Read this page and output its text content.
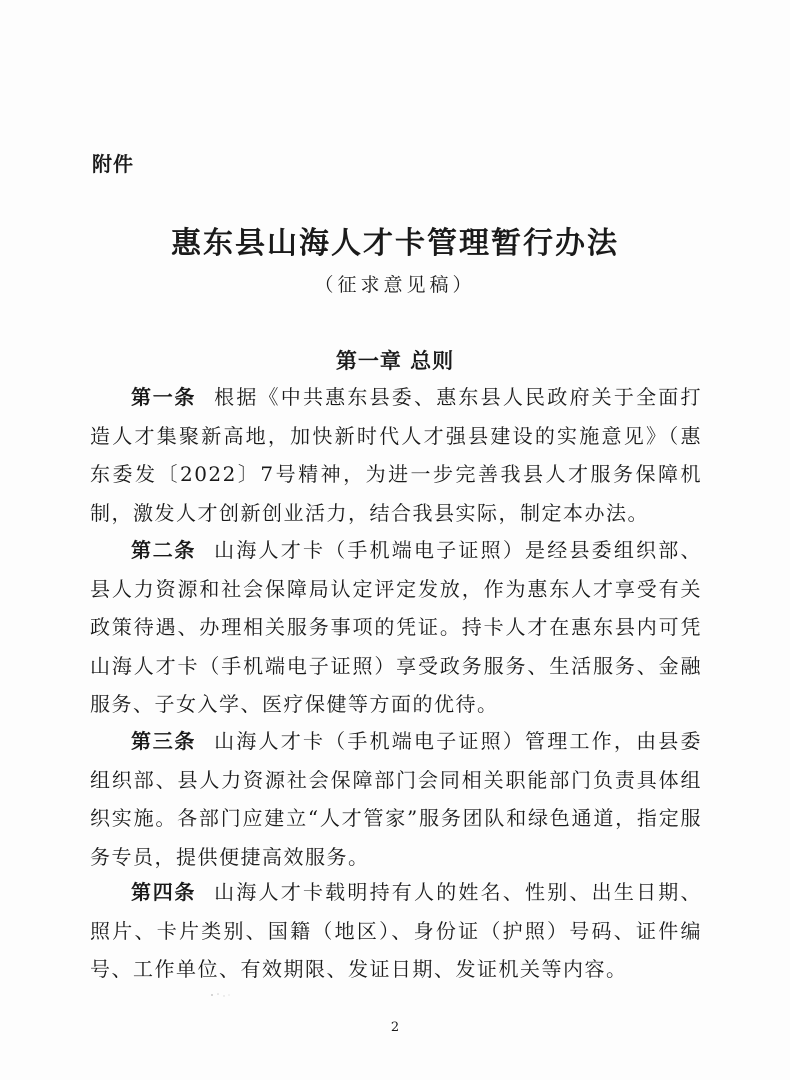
附件
惠东县山海人才卡管理暂行办法
（征求意见稿）
第一章 总则

第一条 根据《中共惠东县委、惠东县人民政府关于全面打造人才集聚新高地，加快新时代人才强县建设的实施意见》（惠东委发〔2022〕7号精神，为进一步完善我县人才服务保障机制，激发人才创新创业活力，结合我县实际，制定本办法。

第二条 山海人才卡（手机端电子证照）是经县委组织部、县人力资源和社会保障局认定评定发放，作为惠东人才享受有关政策待遇、办理相关服务事项的凭证。持卡人才在惠东县内可凭山海人才卡（手机端电子证照）享受政务服务、生活服务、金融服务、子女入学、医疗保健等方面的优待。

第三条 山海人才卡（手机端电子证照）管理工作，由县委组织部、县人力资源社会保障部门会同相关职能部门负责具体组织实施。各部门应建立“人才管家”服务团队和绿色通道，指定服务专员，提供便捷高效服务。

第四条 山海人才卡载明持有人的姓名、性别、出生日期、照片、卡片类别、国籍（地区）、身份证（护照）号码、证件编号、工作单位、有效期限、发证日期、发证机关等内容。

2
